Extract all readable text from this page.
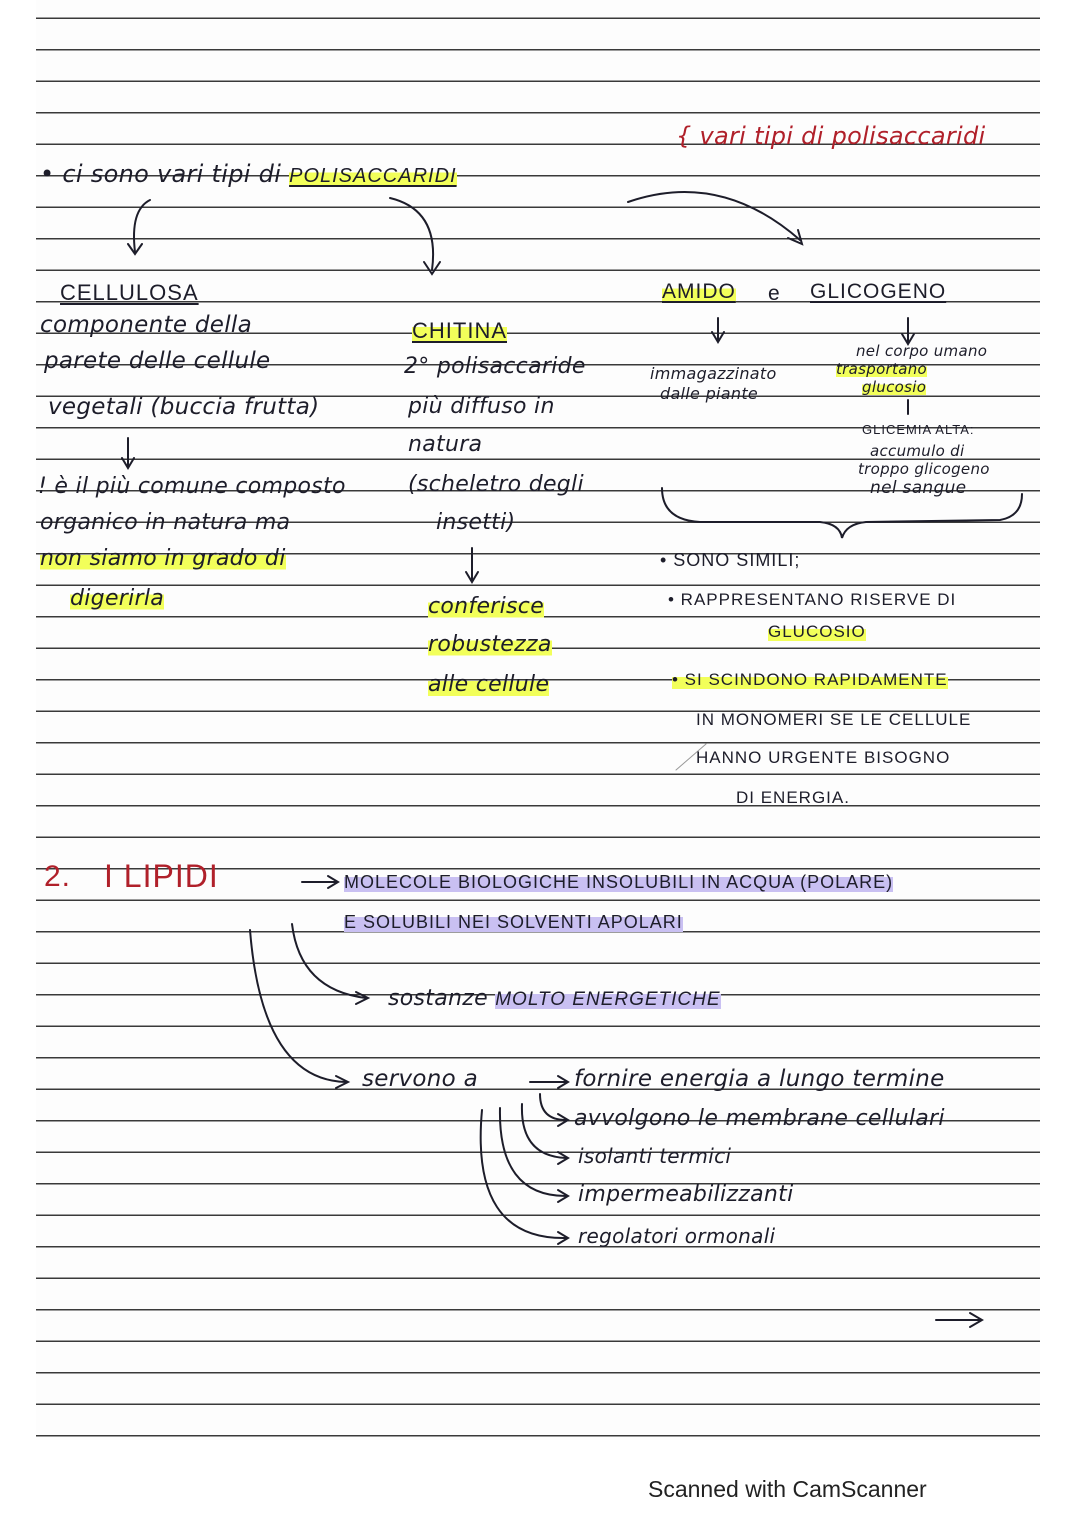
{ vari tipi di polisaccaridi
• ci sono vari tipi di POLISACCARIDI
CELLULOSA
componente della
parete delle cellule
vegetali (buccia frutta)
! è il più comune composto
organico in natura ma
non siamo in grado di
digerirla
CHITINA
2° polisaccaride
più diffuso in
natura
(scheletro degli
insetti)
conferisce
robustezza
alle cellule
AMIDO e GLICOGENO
immagazzinato
dalle piante
nel corpo umano
trasportano
glucosio
GLICEMIA ALTA:
accumulo di
troppo glicogeno
nel sangue
• SONO SIMILI;
• RAPPRESENTANO RISERVE DI
GLUCOSIO
• SI SCINDONO RAPIDAMENTE
IN MONOMERI SE LE CELLULE
HANNO URGENTE BISOGNO
DI ENERGIA.
2. I LIPIDI	MOLECOLE BIOLOGICHE INSOLUBILI IN ACQUA (POLARE)
E SOLUBILI NEI SOLVENTI APOLARI
sostanze MOLTO ENERGETICHE
servono a	fornire energia a lungo termine
avvolgono le membrane cellulari
isolanti termici
impermeabilizzanti
regolatori ormonali
Scanned with CamScanner
